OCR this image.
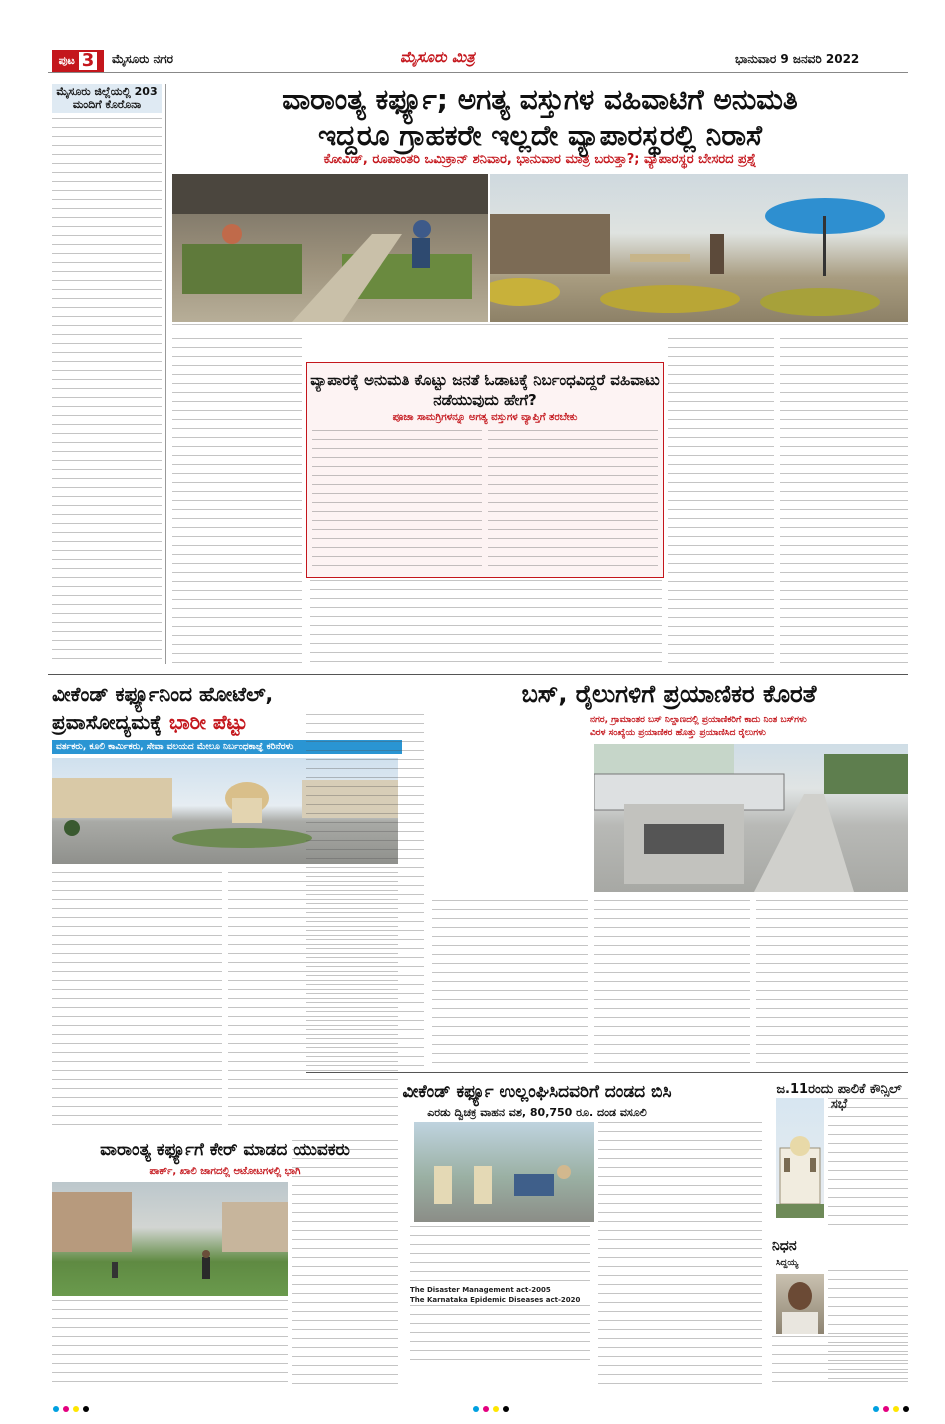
ಪುಟ 3 ಮೈಸೂರು ನಗರ	ಮೈಸೂರು ಮಿತ್ರ	ಭಾನುವಾರ 9 ಜನವರಿ 2022
ಮೈಸೂರು ಜಿಲ್ಲೆಯಲ್ಲಿ 203 ಮಂದಿಗೆ ಕೊರೊನಾ	ವಾರಾಂತ್ಯ ಕರ್ಫ್ಯೂ; ಅಗತ್ಯ ವಸ್ತುಗಳ ವಹಿವಾಟಿಗೆ ಅನುಮತಿ
ಇದ್ದರೂ ಗ್ರಾಹಕರೇ ಇಲ್ಲದೇ ವ್ಯಾಪಾರಸ್ಥರಲ್ಲಿ ನಿರಾಸೆ
ಕೋವಿಡ್, ರೂಪಾಂತರಿ ಒಮಿಕ್ರಾನ್ ಶನಿವಾರ, ಭಾನುವಾರ ಮಾತ್ರ ಬರುತ್ತಾ?; ವ್ಯಾಪಾರಸ್ಥರ ಬೇಸರದ ಪ್ರಶ್ನೆ
ವ್ಯಾಪಾರಕ್ಕೆ ಅನುಮತಿ ಕೊಟ್ಟು ಜನತೆ ಓಡಾಟಕ್ಕೆ ನಿರ್ಬಂಧವಿದ್ದರೆ ವಹಿವಾಟು ನಡೆಯುವುದು ಹೇಗೆ?
ಪೂಜಾ ಸಾಮಗ್ರಿಗಳನ್ನೂ ಅಗತ್ಯ ವಸ್ತುಗಳ ವ್ಯಾಪ್ತಿಗೆ ತರಬೇಕು
ವೀಕೆಂಡ್ ಕರ್ಫ್ಯೂನಿಂದ ಹೋಟೆಲ್,
ಪ್ರವಾಸೋದ್ಯಮಕ್ಕೆ ಭಾರೀ ಪೆಟ್ಟು
ವರ್ತಕರು, ಕೂಲಿ ಕಾರ್ಮಿಕರು, ಸೇವಾ ವಲಯದ ಮೇಲೂ ನಿರ್ಬಂಧಕಾಜ್ಞೆ ಕರಿನೆರಳು
ಬಸ್, ರೈಲುಗಳಿಗೆ ಪ್ರಯಾಣಿಕರ ಕೊರತೆ
ನಗರ, ಗ್ರಾಮಾಂತರ ಬಸ್ ನಿಲ್ದಾಣದಲ್ಲಿ ಪ್ರಯಾಣಿಕರಿಗೆ ಕಾದು ನಿಂತ ಬಸ್‌ಗಳು
ವಿರಳ ಸಂಖ್ಯೆಯ ಪ್ರಯಾಣಿಕರ ಹೊತ್ತು ಪ್ರಯಾಣಿಸಿದ ರೈಲುಗಳು
ವೀಕೆಂಡ್ ಕರ್ಫ್ಯೂ ಉಲ್ಲಂಘಿಸಿದವರಿಗೆ ದಂಡದ ಬಿಸಿ
ಎರಡು ದ್ವಿಚಕ್ರ ವಾಹನ ವಶ, 80,750 ರೂ. ದಂಡ ವಸೂಲಿ
The Disaster Management act-2005
The Karnataka Epidemic Diseases act-2020
ವಾರಾಂತ್ಯ ಕರ್ಫ್ಯೂಗೆ ಕೇರ್ ಮಾಡದ ಯುವಕರು
ಪಾರ್ಕ್, ಖಾಲಿ ಜಾಗದಲ್ಲಿ ಆಟೋಟಗಳಲ್ಲಿ ಭಾಗಿ
ಜ.11ರಂದು ಪಾಲಿಕೆ ಕೌನ್ಸಿಲ್ ಸಭೆ
ನಿಧನ
ಸಿದ್ದಯ್ಯ
